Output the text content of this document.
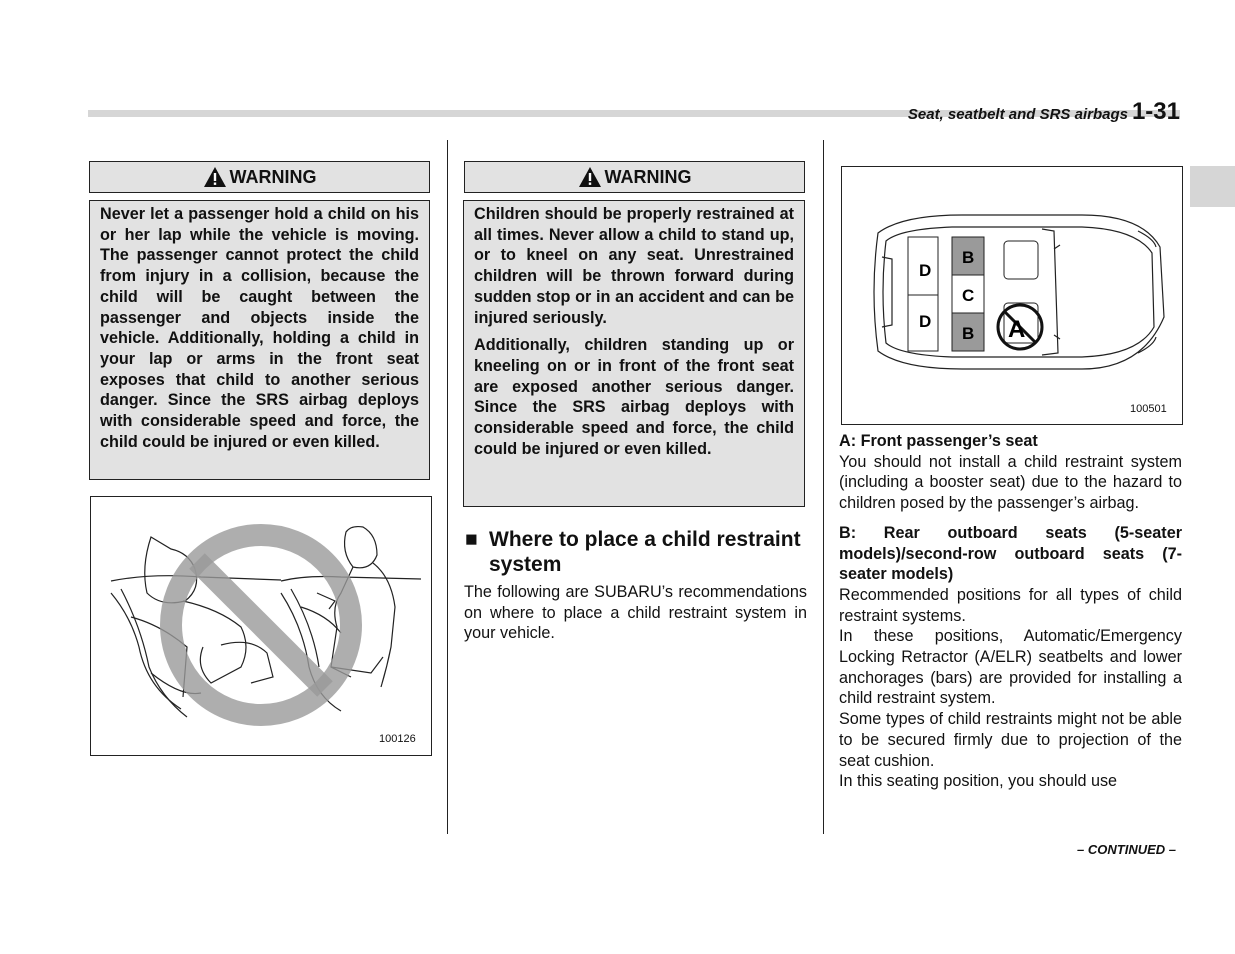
Seat, seatbelt and SRS airbags 1-31
WARNING

Never let a passenger hold a child on his or her lap while the vehicle is moving. The passenger cannot protect the child from injury in a collision, because the child will be caught between the passenger and objects inside the vehicle. Additionally, holding a child in your lap or arms in the front seat exposes that child to another serious danger. Since the SRS airbag deploys with considerable speed and force, the child could be injured or even killed.

100126
WARNING

Children should be properly restrained at all times. Never allow a child to stand up, or to kneel on any seat. Unrestrained children will be thrown forward during sudden stop or in an accident and can be injured seriously.

Additionally, children standing up or kneeling on or in front of the front seat are exposed another serious danger. Since the SRS airbag deploys with considerable speed and force, the child could be injured or even killed.

■ Where to place a child restraint system

The following are SUBARU’s recommendations on where to place a child restraint system in your vehicle.

D
D
B
C
B A
100501

A: Front passenger’s seat

You should not install a child restraint system (including a booster seat) due to the hazard to children posed by the passenger’s airbag.

B: Rear outboard seats (5-seater models)/second-row outboard seats (7-seater models)

Recommended positions for all types of child restraint systems.

In these positions, Automatic/Emergency Locking Retractor (A/ELR) seatbelts and lower anchorages (bars) are provided for installing a child restraint system.

Some types of child restraints might not be able to be secured firmly due to projection of the seat cushion.

In this seating position, you should use

– CONTINUED –
